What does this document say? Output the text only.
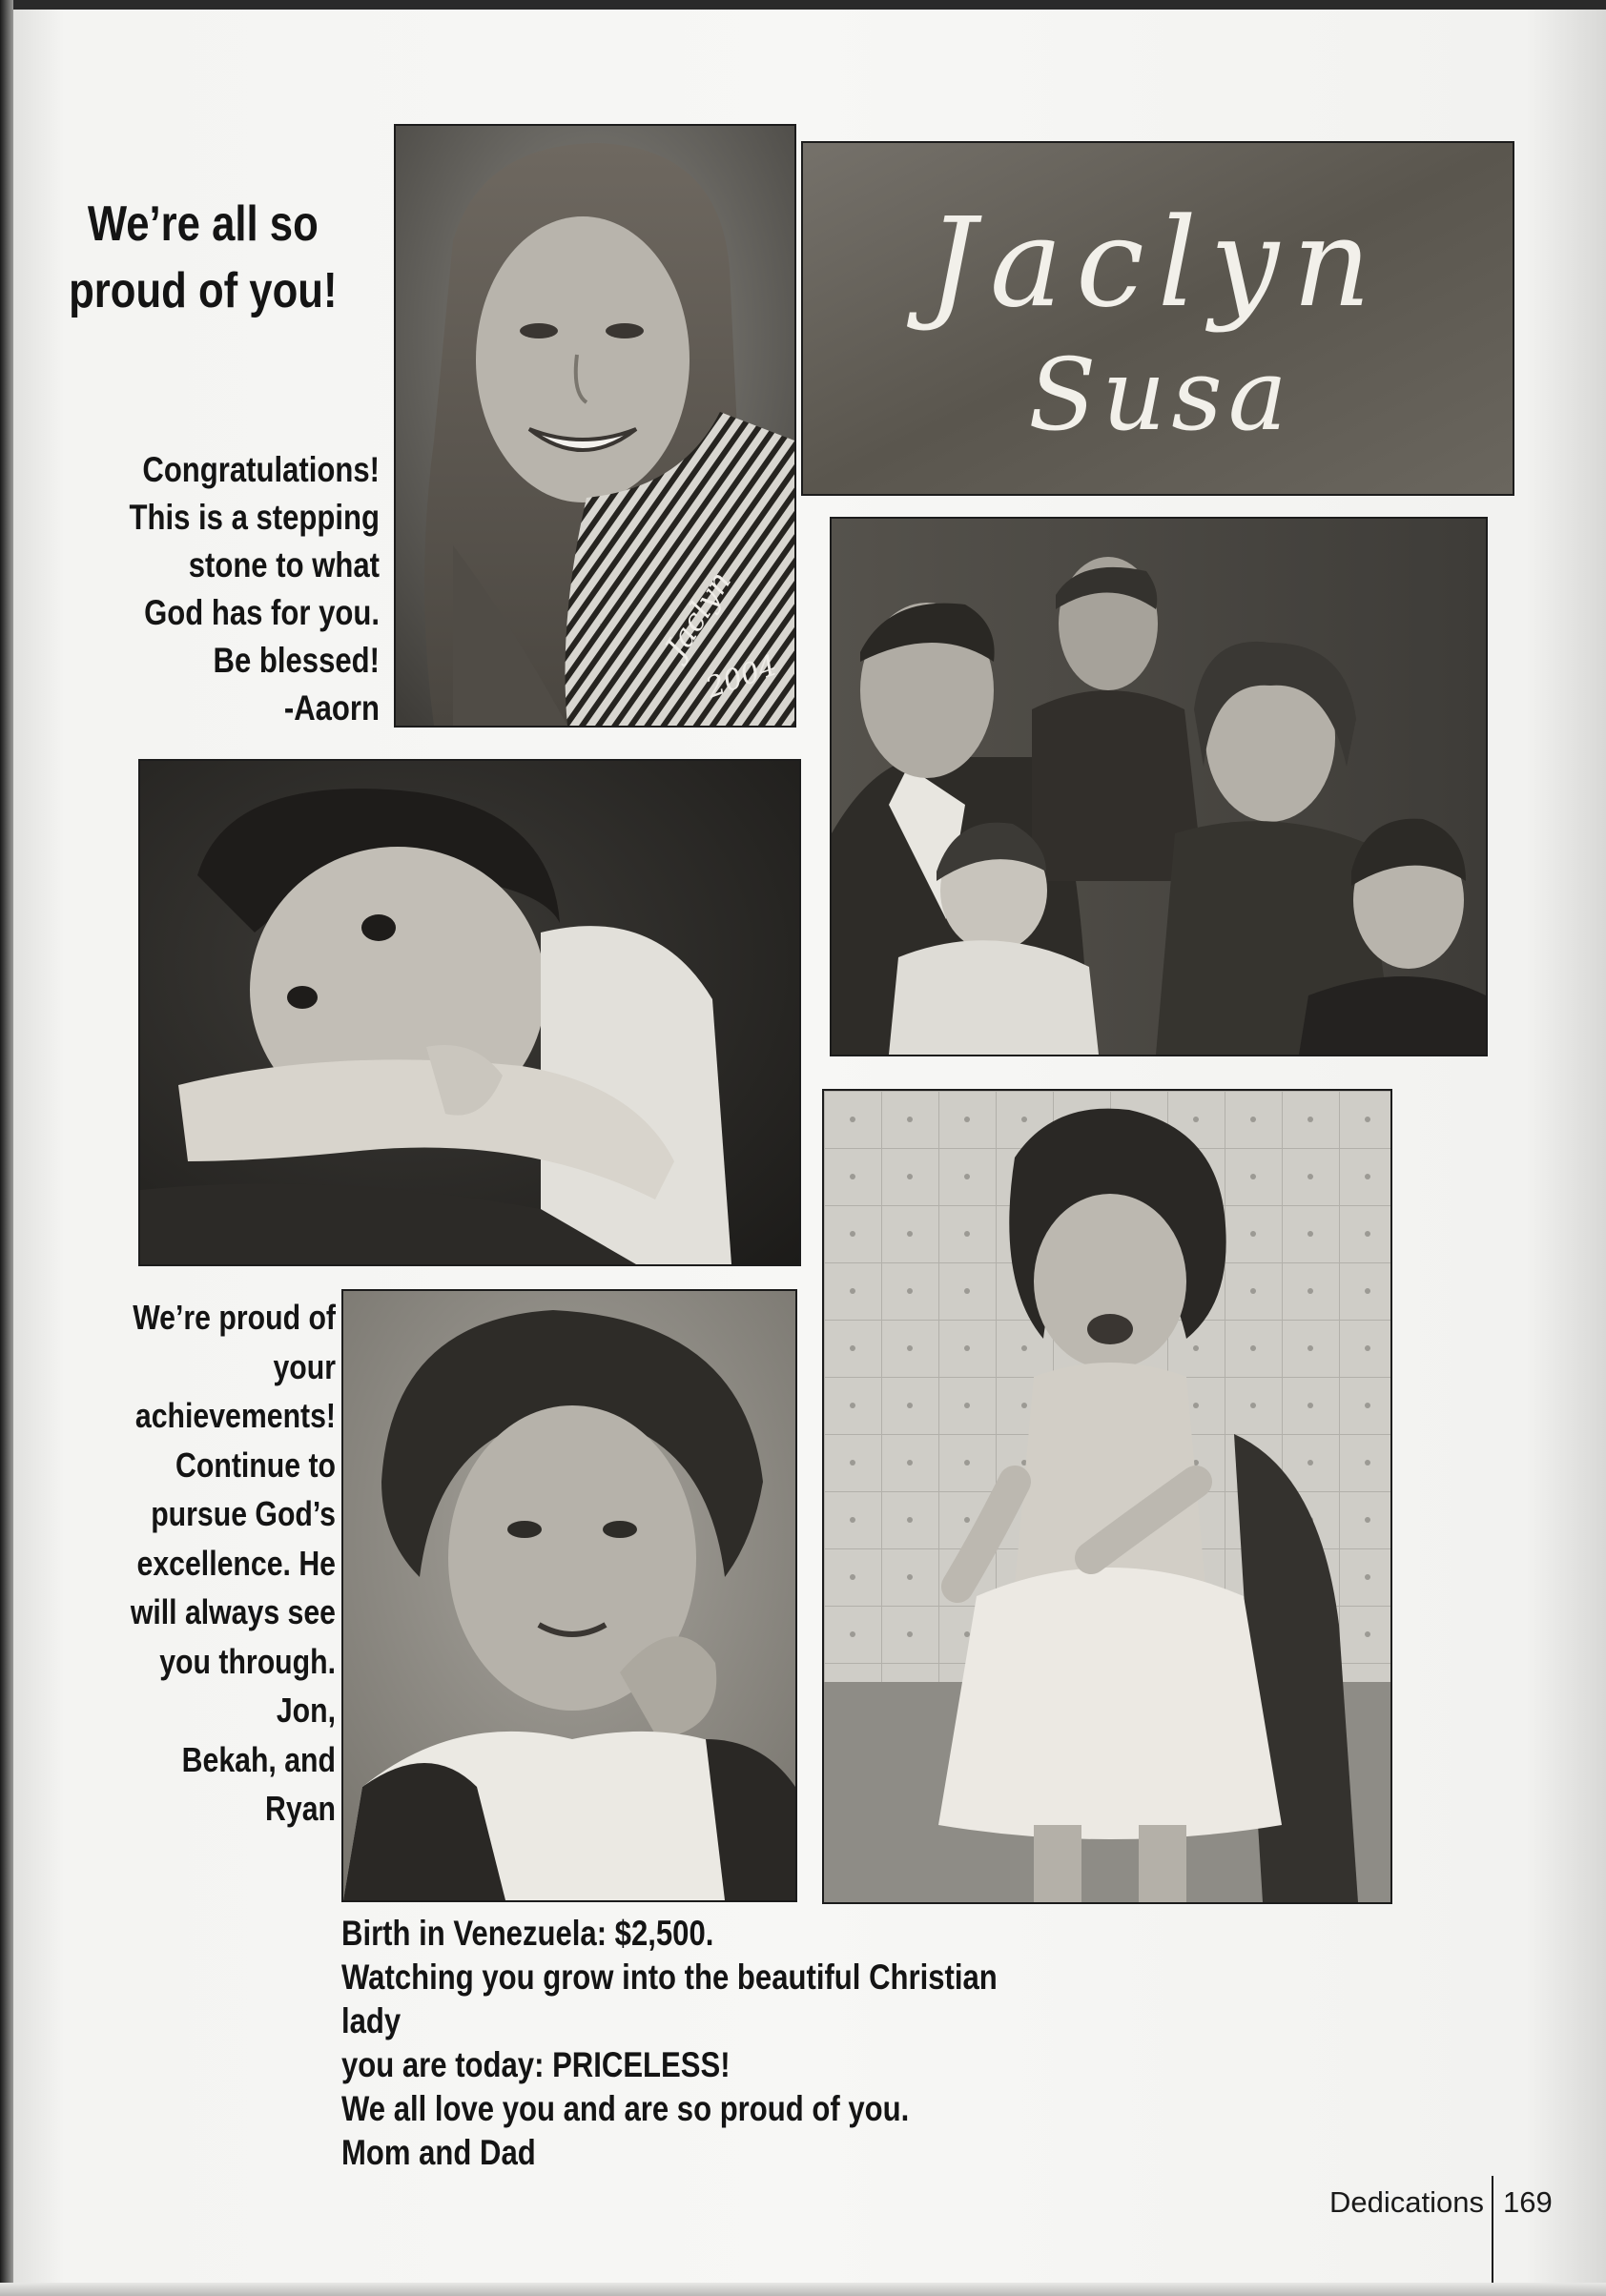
We’re all so
proud of you!
Congratulations!
This is a stepping
stone to what
God has for you.
Be blessed!
-Aaorn
We’re proud of
your
achievements!
Continue to
pursue God’s
excellence. He
will always see
you through.
Jon,
Bekah, and
Ryan
Birth in Venezuela: $2,500.
Watching you grow into the beautiful Christian lady
you are today: PRICELESS!
We all love you and are so proud of you.
Mom and Dad
Jaclyn
2004
Jaclyn
Susa
Dedications 169
